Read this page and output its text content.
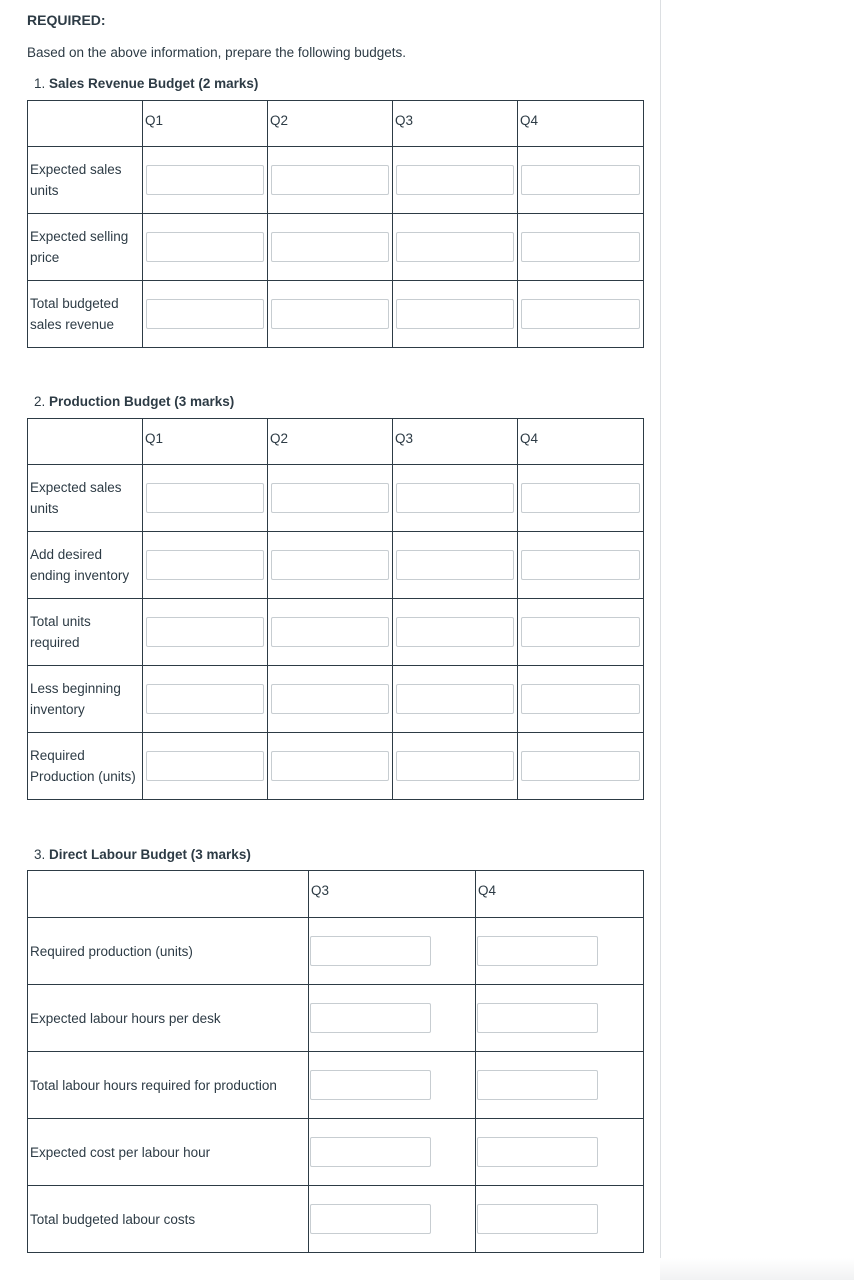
REQUIRED:
Based on the above information, prepare the following budgets.
1. Sales Revenue Budget (2 marks)
	Q1	Q2	Q3	Q4
Expected sales units	

Expected selling price	

Total budgeted sales revenue	

2. Production Budget (3 marks)
	Q1	Q2	Q3	Q4
Expected sales units	

Add desired ending inventory	

Total units required	

Less beginning inventory	

Required Production (units)	

3. Direct Labour Budget (3 marks)
	Q3	Q4
Required production (units)	

Expected labour hours per desk	

Total labour hours required for production	

Expected cost per labour hour	

Total budgeted labour costs	
